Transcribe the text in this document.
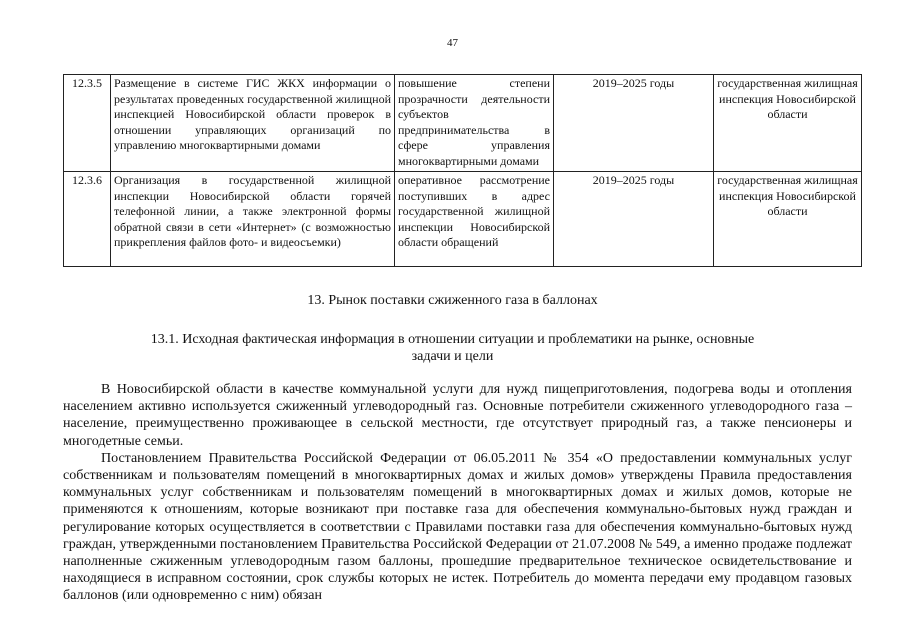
47
12.3.5	Размещение в системе ГИС ЖКХ информации о результатах проведенных государственной жилищной инспекцией Новосибирской области проверок в отношении управляющих организаций по управлению многоквартирными домами	повышение степени прозрачности деятельности субъектов предпринимательства в сфере управления многоквартирными домами	2019–2025 годы	государственная жилищная инспекция Новосибирской области
12.3.6	Организация в государственной жилищной инспекции Новосибирской области горячей телефонной линии, а также электронной формы обратной связи в сети «Интернет» (с возможностью прикрепления файлов фото- и видеосъемки)	оперативное рассмотрение поступивших в адрес государственной жилищной инспекции Новосибирской области обращений	2019–2025 годы	государственная жилищная инспекция Новосибирской области
13. Рынок поставки сжиженного газа в баллонах
13.1. Исходная фактическая информация в отношении ситуации и проблематики на рынке, основные задачи и цели

В Новосибирской области в качестве коммунальной услуги для нужд пищеприготовления, подогрева воды и отопления населением активно используется сжиженный углеводородный газ. Основные потребители сжиженного углеводородного газа – население, преимущественно проживающее в сельской местности, где отсутствует природный газ, а также пенсионеры и многодетные семьи.

Постановлением Правительства Российской Федерации от 06.05.2011 № 354 «О предоставлении коммунальных услуг собственникам и пользователям помещений в многоквартирных домах и жилых домов» утверждены Правила предоставления коммунальных услуг собственникам и пользователям помещений в многоквартирных домах и жилых домов, которые не применяются к отношениям, которые возникают при поставке газа для обеспечения коммунально-бытовых нужд граждан и регулирование которых осуществляется в соответствии с Правилами поставки газа для обеспечения коммунально-бытовых нужд граждан, утвержденными постановлением Правительства Российской Федерации от 21.07.2008 № 549, а именно продаже подлежат наполненные сжиженным углеводородным газом баллоны, прошедшие предварительное техническое освидетельствование и находящиеся в исправном состоянии, срок службы которых не истек. Потребитель до момента передачи ему продавцом газовых баллонов (или одновременно с ним) обязан
